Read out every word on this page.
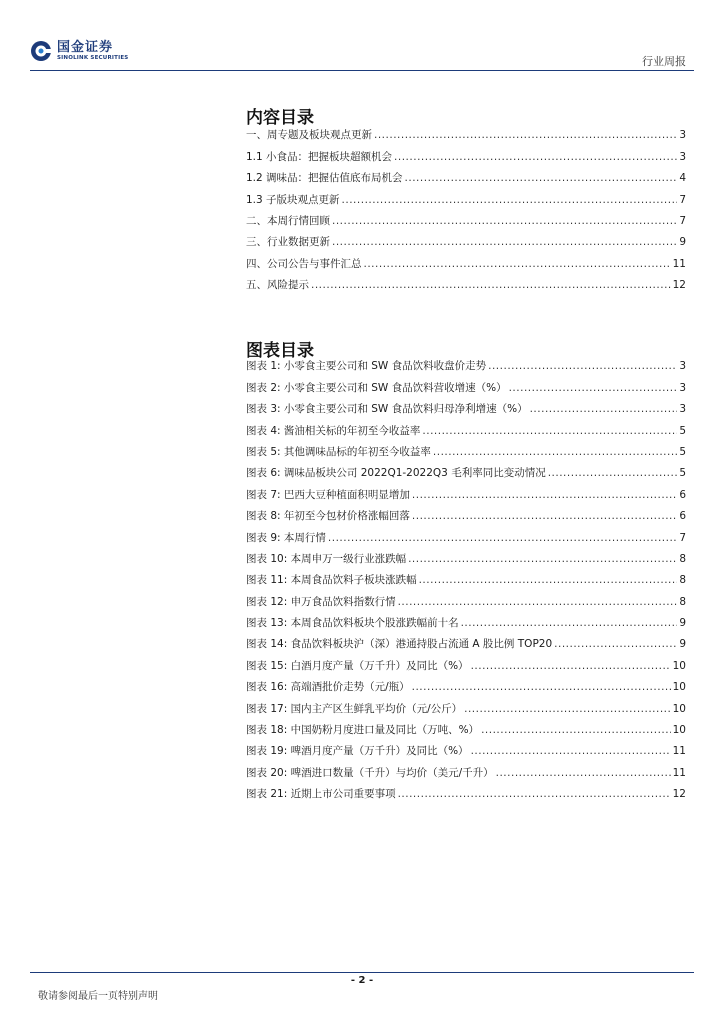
国金证券
SINOLINK SECURITIES	行业周报
内容目录
一、周专题及板块观点更新 .....	3
1.1 小食品：把握板块超额机会 .....	3
1.2 调味品：把握估值底布局机会 .....	4
1.3 子版块观点更新 .....	7
二、本周行情回顾 .....	7
三、行业数据更新 .....	9
四、公司公告与事件汇总 .....	11
五、风险提示 .....	12
图表目录
图表 1: 小零食主要公司和 SW 食品饮料收盘价走势 .....	3
图表 2: 小零食主要公司和 SW 食品饮料营收增速（%） .....	3
图表 3: 小零食主要公司和 SW 食品饮料归母净利增速（%） .....	3
图表 4: 酱油相关标的年初至今收益率 .....	5
图表 5: 其他调味品标的年初至今收益率 .....	5
图表 6: 调味品板块公司 2022Q1-2022Q3 毛利率同比变动情况 .....	5
图表 7: 巴西大豆种植面积明显增加 .....	6
图表 8: 年初至今包材价格涨幅回落 .....	6
图表 9: 本周行情 .....	7
图表 10: 本周申万一级行业涨跌幅 .....	8
图表 11: 本周食品饮料子板块涨跌幅 .....	8
图表 12: 申万食品饮料指数行情 .....	8
图表 13: 本周食品饮料板块个股涨跌幅前十名 .....	9
图表 14: 食品饮料板块沪（深）港通持股占流通 A 股比例 TOP20 .....	9
图表 15: 白酒月度产量（万千升）及同比（%） .....	10
图表 16: 高端酒批价走势（元/瓶） .....	10
图表 17: 国内主产区生鲜乳平均价（元/公斤） .....	10
图表 18: 中国奶粉月度进口量及同比（万吨、%） .....	10
图表 19: 啤酒月度产量（万千升）及同比（%） .....	11
图表 20: 啤酒进口数量（千升）与均价（美元/千升） .....	11
图表 21: 近期上市公司重要事项 .....	12
- 2 -
敬请参阅最后一页特别声明
